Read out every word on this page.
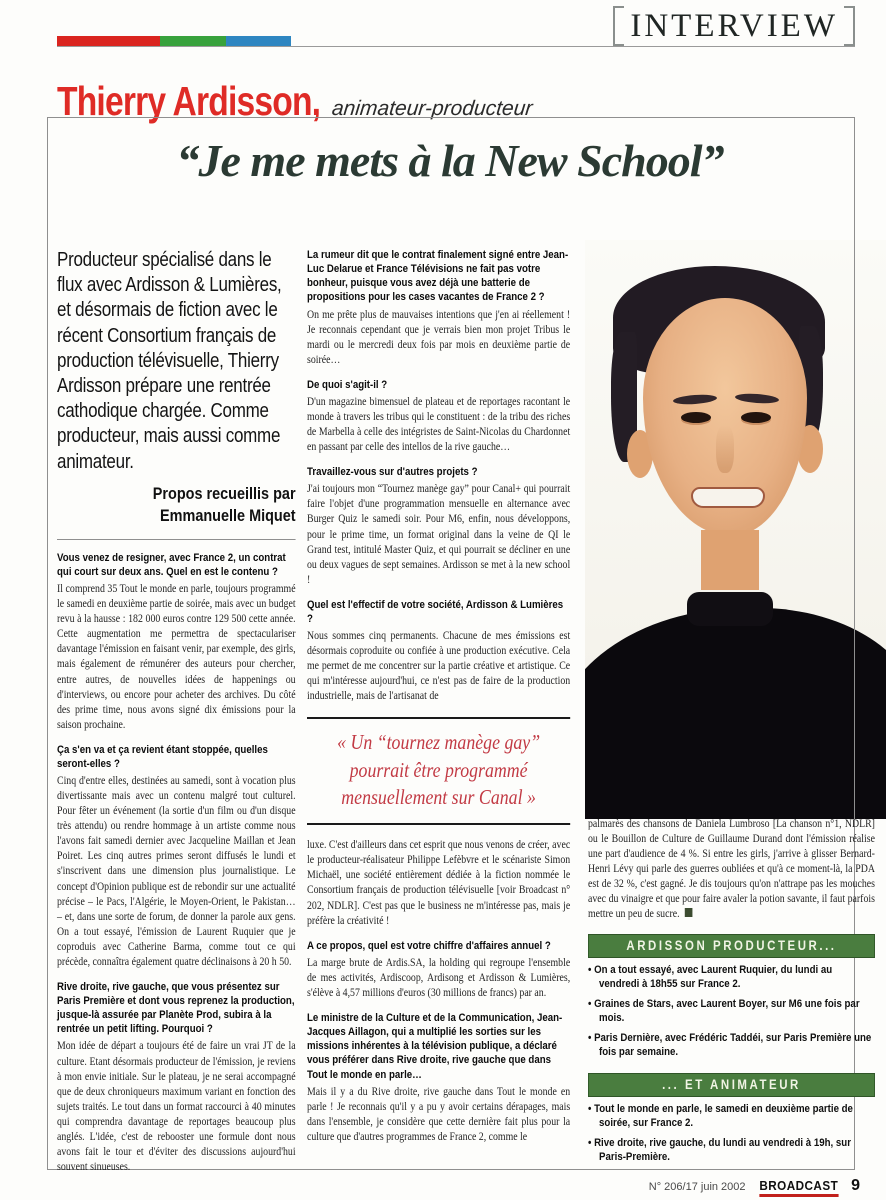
INTERVIEW
Thierry Ardisson, animateur-producteur
“Je me mets à la New School”

Producteur spécialisé dans le flux avec Ardisson & Lumières, et désormais de fiction avec le récent Consortium français de production télévisuelle, Thierry Ardisson prépare une rentrée cathodique chargée. Comme producteur, mais aussi comme animateur.

Propos recueillis par
Emmanuelle Miquet

Vous venez de resigner, avec France 2, un contrat qui court sur deux ans. Quel en est le contenu ?

Il comprend 35 Tout le monde en parle, toujours programmé le samedi en deuxième partie de soirée, mais avec un budget revu à la hausse : 182 000 euros contre 129 500 cette année. Cette augmentation me permettra de spectaculariser davantage l'émission en faisant venir, par exemple, des girls, mais également de rémunérer des auteurs pour chercher, entre autres, de nouvelles idées de happenings ou d'interviews, ou encore pour acheter des archives. Du côté des prime time, nous avons signé dix émissions pour la saison prochaine.

Ça s'en va et ça revient étant stoppée, quelles seront-elles ?

Cinq d'entre elles, destinées au samedi, sont à vocation plus divertissante mais avec un contenu malgré tout culturel. Pour fêter un événement (la sortie d'un film ou d'un disque très attendu) ou rendre hommage à un artiste comme nous l'avons fait samedi dernier avec Jacqueline Maillan et Jean Poiret. Les cinq autres primes seront diffusés le lundi et s'inscrivent dans une dimension plus journalistique. Le concept d'Opinion publique est de rebondir sur une actualité précise – le Pacs, l'Algérie, le Moyen-Orient, le Pakistan… – et, dans une sorte de forum, de donner la parole aux gens. On a tout essayé, l'émission de Laurent Ruquier que je coproduis avec Catherine Barma, comme tout ce qui précède, connaîtra également quatre déclinaisons à 20 h 50.

Rive droite, rive gauche, que vous présentez sur Paris Première et dont vous reprenez la production, jusque-là assurée par Planète Prod, subira à la rentrée un petit lifting. Pourquoi ?

Mon idée de départ a toujours été de faire un vrai JT de la culture. Etant désormais producteur de l'émission, je reviens à mon envie initiale. Sur le plateau, je ne serai accompagné que de deux chroniqueurs maximum variant en fonction des sujets traités. Le tout dans un format raccourci à 40 minutes qui comprendra davantage de reportages beaucoup plus anglés. L'idée, c'est de rebooster une formule dont nous avons fait le tour et d'éviter des discussions aujourd'hui souvent sinueuses.

La rumeur dit que le contrat finalement signé entre Jean-Luc Delarue et France Télévisions ne fait pas votre bonheur, puisque vous avez déjà une batterie de propositions pour les cases vacantes de France 2 ?

On me prête plus de mauvaises intentions que j'en ai réellement ! Je reconnais cependant que je verrais bien mon projet Tribus le mardi ou le mercredi deux fois par mois en deuxième partie de soirée…

De quoi s'agit-il ?

D'un magazine bimensuel de plateau et de reportages racontant le monde à travers les tribus qui le constituent : de la tribu des riches de Marbella à celle des intégristes de Saint-Nicolas du Chardonnet en passant par celle des intellos de la rive gauche…

Travaillez-vous sur d'autres projets ?

J'ai toujours mon “Tournez manège gay” pour Canal+ qui pourrait faire l'objet d'une programmation mensuelle en alternance avec Burger Quiz le samedi soir. Pour M6, enfin, nous développons, pour le prime time, un format original dans la veine de QI le Grand test, intitulé Master Quiz, et qui pourrait se décliner en une ou deux vagues de sept semaines. Ardisson se met à la new school !

Quel est l'effectif de votre société, Ardisson & Lumières ?

Nous sommes cinq permanents. Chacune de mes émissions est désormais coproduite ou confiée à une production exécutive. Cela me permet de me concentrer sur la partie créative et artistique. Ce qui m'intéresse aujourd'hui, ce n'est pas de faire de la production industrielle, mais de l'artisanat de

« Un “tournez manège gay” pourrait être programmé mensuellement sur Canal »

luxe. C'est d'ailleurs dans cet esprit que nous venons de créer, avec le producteur-réalisateur Philippe Lefèbvre et le scénariste Simon Michaël, une société entièrement dédiée à la fiction nommée le Consortium français de production télévisuelle [voir Broadcast n° 202, NDLR]. C'est pas que le business ne m'intéresse pas, mais je préfère la créativité !

A ce propos, quel est votre chiffre d'affaires annuel ?

La marge brute de Ardis.SA, la holding qui regroupe l'ensemble de mes activités, Ardiscoop, Ardisong et Ardisson & Lumières, s'élève à 4,57 millions d'euros (30 millions de francs) par an.

Le ministre de la Culture et de la Communication, Jean-Jacques Aillagon, qui a multiplié les sorties sur les missions inhérentes à la télévision publique, a déclaré vous préférer dans Rive droite, rive gauche que dans Tout le monde en parle…

Mais il y a du Rive droite, rive gauche dans Tout le monde en parle ! Je reconnais qu'il y a pu y avoir certains dérapages, mais dans l'ensemble, je considère que cette dernière fait plus pour la culture que d'autres programmes de France 2, comme le

palmarès des chansons de Daniela Lumbroso [La chanson n°1, NDLR] ou le Bouillon de Culture de Guillaume Durand dont l'émission réalise une part d'audience de 4 %. Si entre les girls, j'arrive à glisser Bernard-Henri Lévy qui parle des guerres oubliées et qu'à ce moment-là, la PDA est de 32 %, c'est gagné. Je dis toujours qu'on n'attrape pas les mouches avec du vinaigre et que pour faire avaler la potion savante, il faut parfois mettre un peu de sucre.

ARDISSON PRODUCTEUR...

• On a tout essayé, avec Laurent Ruquier, du lundi au vendredi à 18h55 sur France 2.

• Graines de Stars, avec Laurent Boyer, sur M6 une fois par mois.

• Paris Dernière, avec Frédéric Taddéi, sur Paris Première une fois par semaine.

... ET ANIMATEUR

• Tout le monde en parle, le samedi en deuxième partie de soirée, sur France 2.

• Rive droite, rive gauche, du lundi au vendredi à 19h, sur Paris-Première.

N° 206/17 juin 2002 BROADCAST 9
